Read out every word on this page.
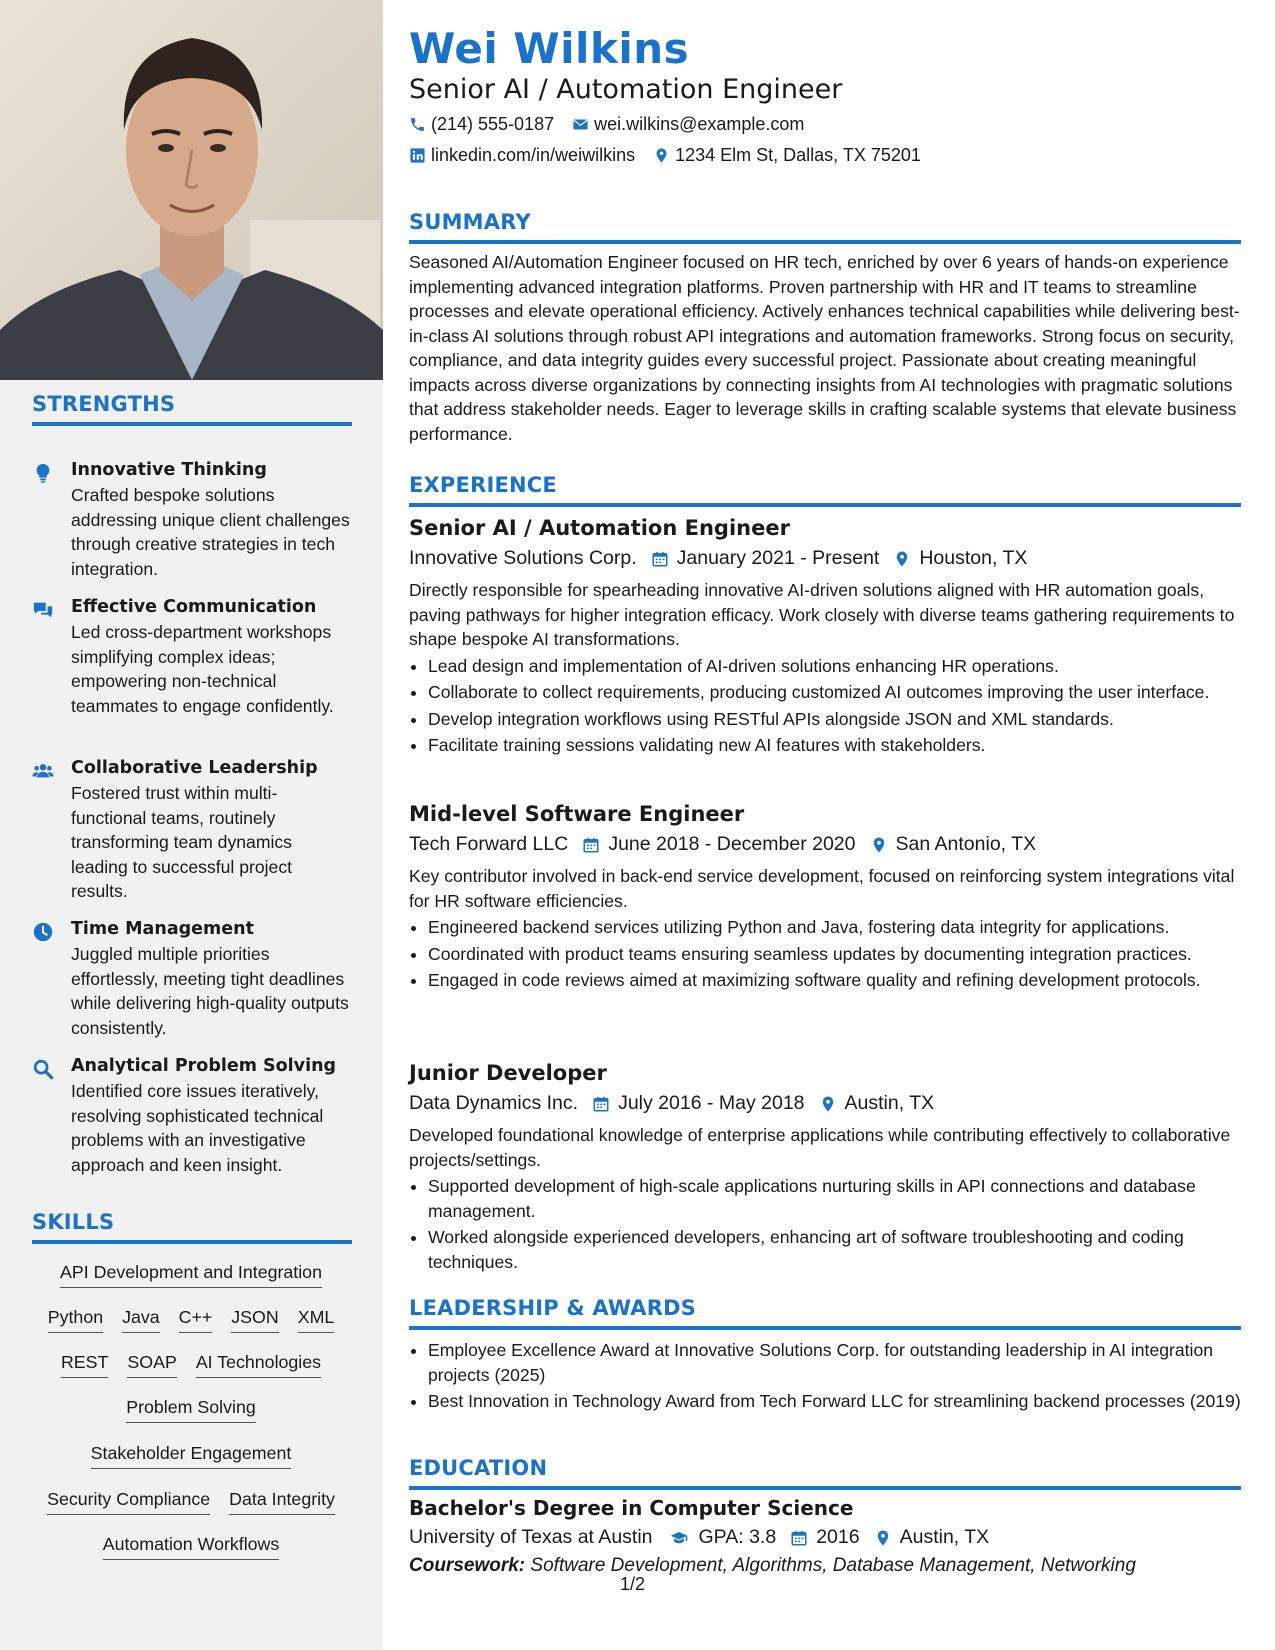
STRENGTHS
Innovative Thinking
Crafted bespoke solutions addressing unique client challenges through creative strategies in tech integration.
Effective Communication
Led cross-department workshops simplifying complex ideas; empowering non-technical teammates to engage confidently.
Collaborative Leadership
Fostered trust within multi-functional teams, routinely transforming team dynamics leading to successful project results.
Time Management
Juggled multiple priorities effortlessly, meeting tight deadlines while delivering high-quality outputs consistently.
Analytical Problem Solving
Identified core issues iteratively, resolving sophisticated technical problems with an investigative approach and keen insight.
SKILLS
API Development and Integration
Python Java C++ JSON XML
REST SOAP AI Technologies
Problem Solving
Stakeholder Engagement
Security Compliance Data Integrity
Automation Workflows
Wei Wilkins
Senior AI / Automation Engineer
(214) 555-0187 wei.wilkins@example.com
linkedin.com/in/weiwilkins 1234 Elm St, Dallas, TX 75201
SUMMARY
Seasoned AI/Automation Engineer focused on HR tech, enriched by over 6 years of hands-on experience implementing advanced integration platforms. Proven partnership with HR and IT teams to streamline processes and elevate operational efficiency. Actively enhances technical capabilities while delivering best-in-class AI solutions through robust API integrations and automation frameworks. Strong focus on security, compliance, and data integrity guides every successful project. Passionate about creating meaningful impacts across diverse organizations by connecting insights from AI technologies with pragmatic solutions that address stakeholder needs. Eager to leverage skills in crafting scalable systems that elevate business performance.
EXPERIENCE
Senior AI / Automation Engineer
Innovative Solutions Corp. January 2021 - Present Houston, TX
Directly responsible for spearheading innovative AI-driven solutions aligned with HR automation goals, paving pathways for higher integration efficacy. Work closely with diverse teams gathering requirements to shape bespoke AI transformations.
• Lead design and implementation of AI-driven solutions enhancing HR operations.
• Collaborate to collect requirements, producing customized AI outcomes improving the user interface.
• Develop integration workflows using RESTful APIs alongside JSON and XML standards.
• Facilitate training sessions validating new AI features with stakeholders.
Mid-level Software Engineer
Tech Forward LLC June 2018 - December 2020 San Antonio, TX
Key contributor involved in back-end service development, focused on reinforcing system integrations vital for HR software efficiencies.
• Engineered backend services utilizing Python and Java, fostering data integrity for applications.
• Coordinated with product teams ensuring seamless updates by documenting integration practices.
• Engaged in code reviews aimed at maximizing software quality and refining development protocols.
Junior Developer
Data Dynamics Inc. July 2016 - May 2018 Austin, TX
Developed foundational knowledge of enterprise applications while contributing effectively to collaborative projects/settings.
• Supported development of high-scale applications nurturing skills in API connections and database management.
• Worked alongside experienced developers, enhancing art of software troubleshooting and coding techniques.
LEADERSHIP & AWARDS
• Employee Excellence Award at Innovative Solutions Corp. for outstanding leadership in AI integration projects (2025)
• Best Innovation in Technology Award from Tech Forward LLC for streamlining backend processes (2019)
EDUCATION
Bachelor's Degree in Computer Science
University of Texas at Austin GPA: 3.8 2016 Austin, TX
Coursework: Software Development, Algorithms, Database Management, Networking
1/2
